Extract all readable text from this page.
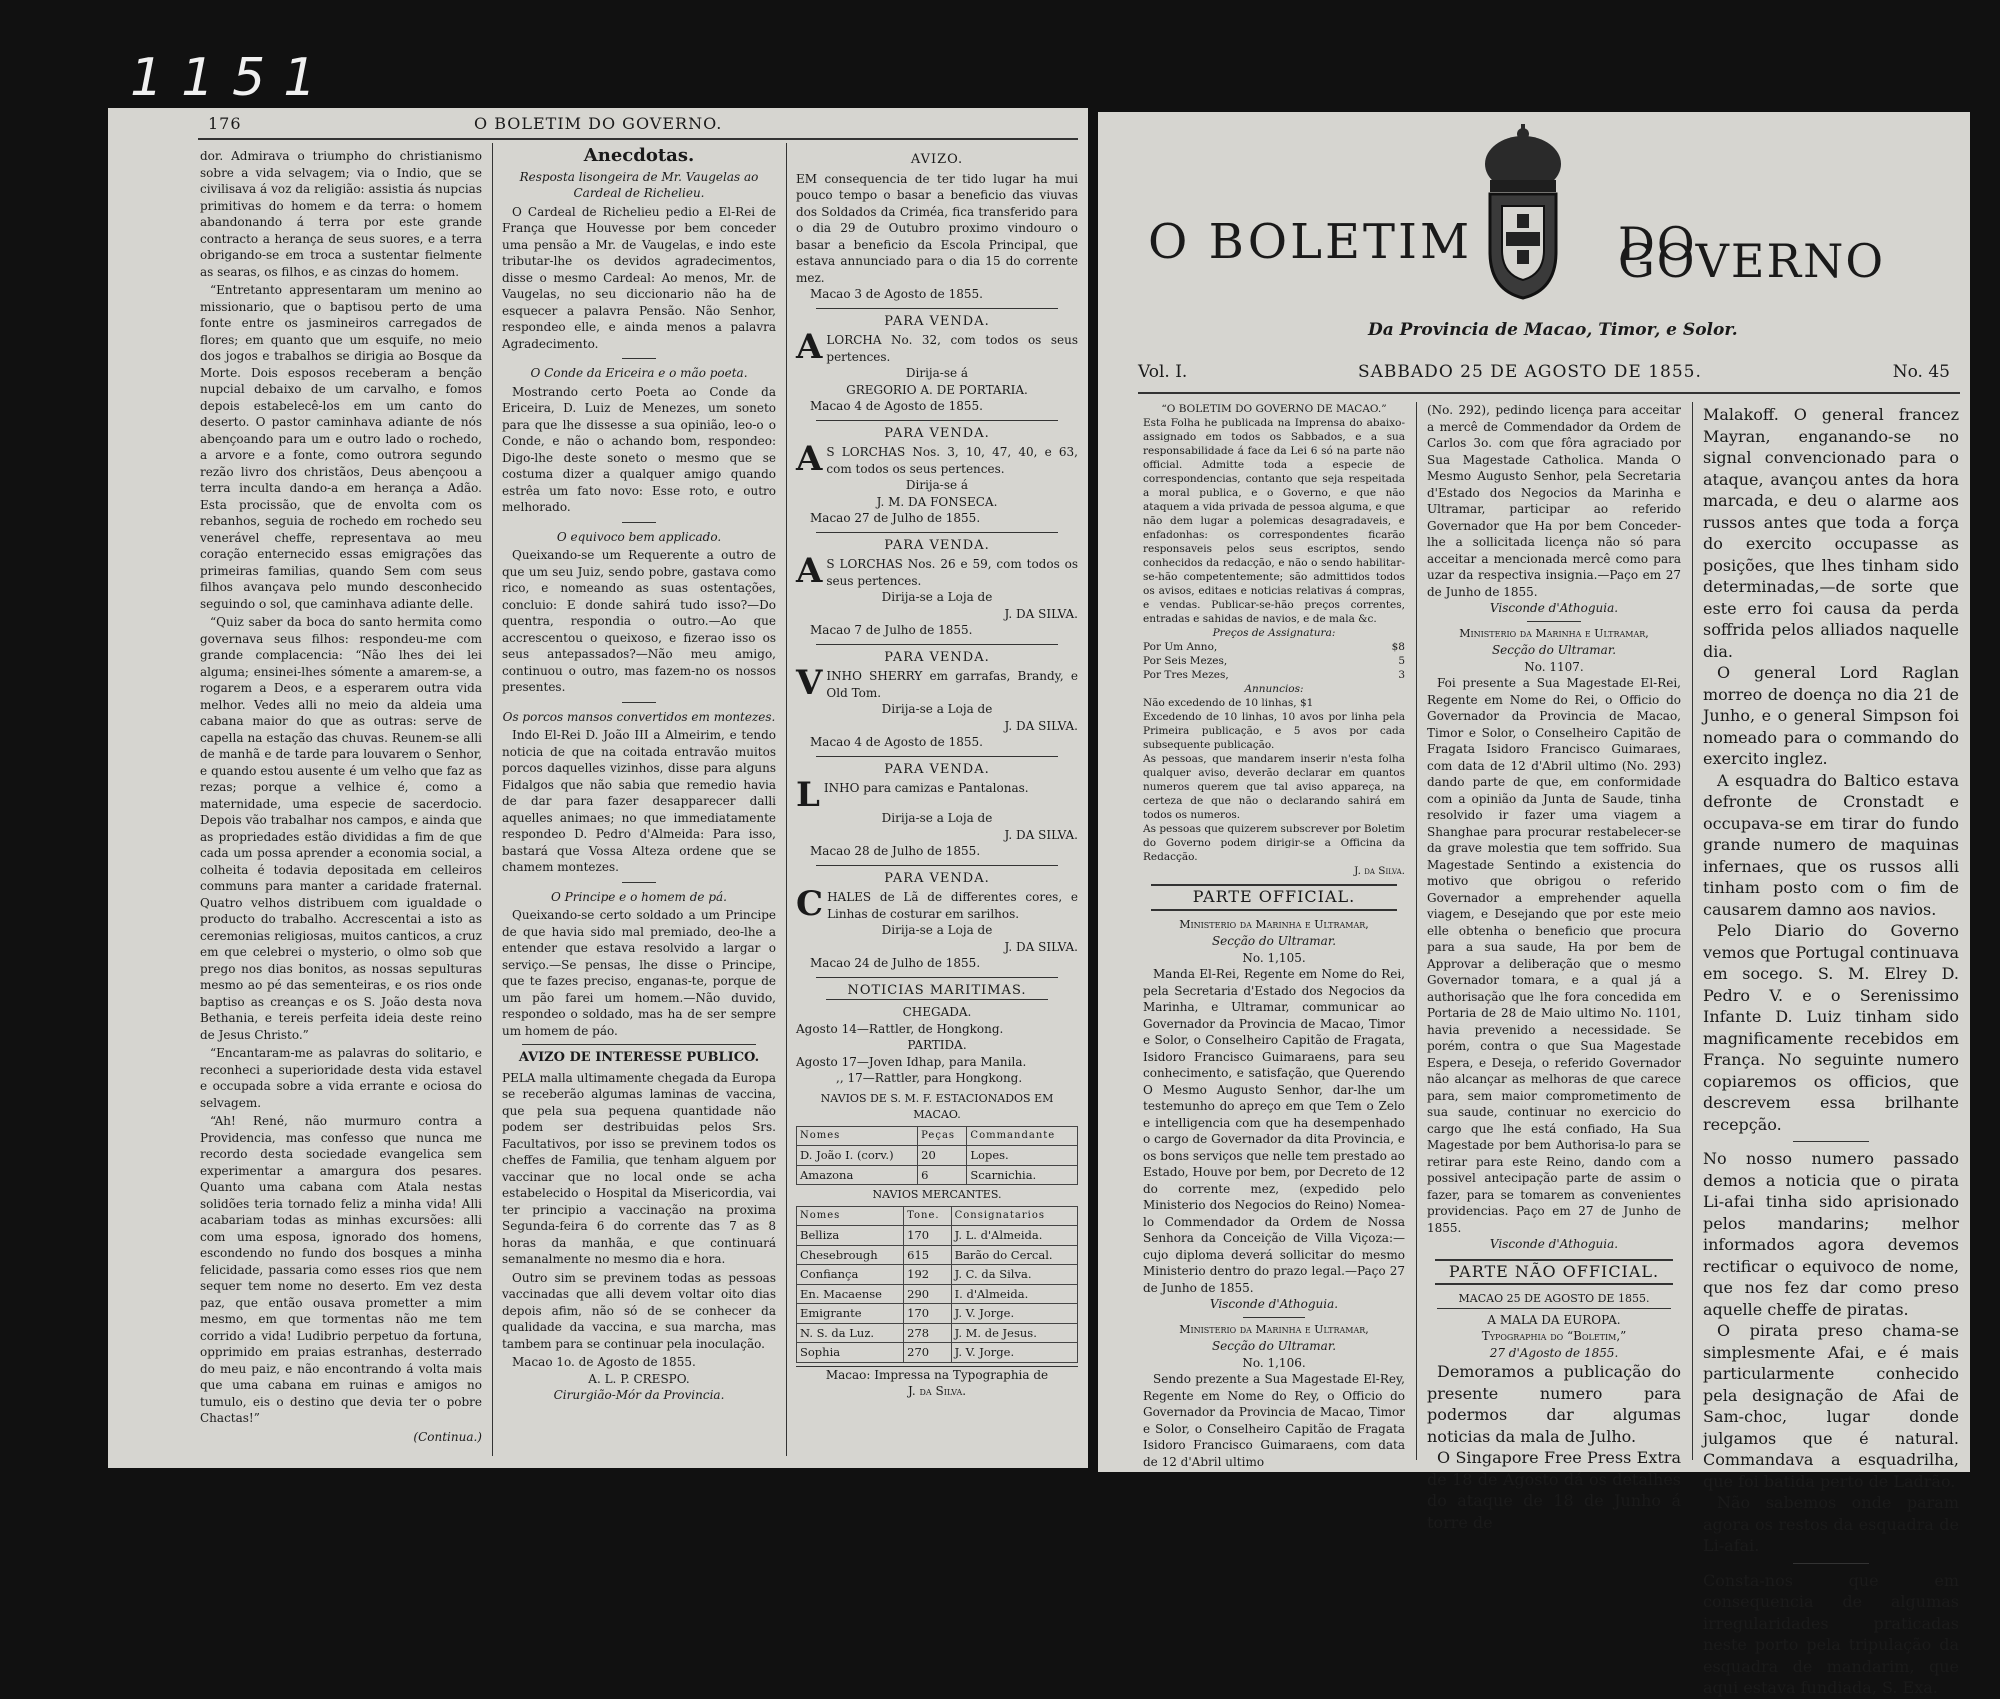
1151
176	O BOLETIM DO GOVERNO.

dor. Admirava o triumpho do christianismo sobre a vida selvagem; via o Indio, que se civilisava á voz da religião: assistia ás nupcias primitivas do homem e da terra: o homem abandonando á terra por este grande contracto a herança de seus suores, e a terra obrigando-se em troca a sustentar fielmente as searas, os filhos, e as cinzas do homem.

“Entretanto appresentaram um menino ao missionario, que o baptisou perto de uma fonte entre os jasmineiros carregados de flores; em quanto que um esquife, no meio dos jogos e trabalhos se dirigia ao Bosque da Morte. Dois esposos receberam a benção nupcial debaixo de um carvalho, e fomos depois estabelecê-los em um canto do deserto. O pastor caminhava adiante de nós abençoando para um e outro lado o rochedo, a arvore e a fonte, como outrora segundo rezão livro dos christãos, Deus abençoou a terra inculta dando-a em herança a Adão. Esta procissão, que de envolta com os rebanhos, seguia de rochedo em rochedo seu venerável cheffe, representava ao meu coração enternecido essas emigrações das primeiras familias, quando Sem com seus filhos avançava pelo mundo desconhecido seguindo o sol, que caminhava adiante delle.

“Quiz saber da boca do santo hermita como governava seus filhos: respondeu-me com grande complacencia: “Não lhes dei lei alguma; ensinei-lhes sómente a amarem-se, a rogarem a Deos, e a esperarem outra vida melhor. Vedes alli no meio da aldeia uma cabana maior do que as outras: serve de capella na estação das chuvas. Reunem-se alli de manhã e de tarde para louvarem o Senhor, e quando estou ausente é um velho que faz as rezas; porque a velhice é, como a maternidade, uma especie de sacerdocio. Depois vão trabalhar nos campos, e ainda que as propriedades estão divididas a fim de que cada um possa aprender a economia social, a colheita é todavia depositada em celleiros communs para manter a caridade fraternal. Quatro velhos distribuem com igualdade o producto do trabalho. Accrescentai a isto as ceremonias religiosas, muitos canticos, a cruz em que celebrei o mysterio, o olmo sob que prego nos dias bonitos, as nossas sepulturas mesmo ao pé das sementeiras, e os rios onde baptiso as creanças e os S. João desta nova Bethania, e tereis perfeita ideia deste reino de Jesus Christo.”

“Encantaram-me as palavras do solitario, e reconheci a superioridade desta vida estavel e occupada sobre a vida errante e ociosa do selvagem.

“Ah! René, não murmuro contra a Providencia, mas confesso que nunca me recordo desta sociedade evangelica sem experimentar a amargura dos pesares. Quanto uma cabana com Atala nestas solidões teria tornado feliz a minha vida! Alli acabariam todas as minhas excursões: alli com uma esposa, ignorado dos homens, escondendo no fundo dos bosques a minha felicidade, passaria como esses rios que nem sequer tem nome no deserto. Em vez desta paz, que então ousava prometter a mim mesmo, em que tormentas não me tem corrido a vida! Ludibrio perpetuo da fortuna, opprimido em praias estranhas, desterrado do meu paiz, e não encontrando á volta mais que uma cabana em ruinas e amigos no tumulo, eis o destino que devia ter o pobre Chactas!”

(Continua.)
Anecdotas.
Resposta lisongeira de Mr. Vaugelas ao Cardeal de Richelieu.

O Cardeal de Richelieu pedio a El-Rei de França que Houvesse por bem conceder uma pensão a Mr. de Vaugelas, e indo este tributar-lhe os devidos agradecimentos, disse o mesmo Cardeal: Ao menos, Mr. de Vaugelas, no seu diccionario não ha de esquecer a palavra Pensão. Não Senhor, respondeo elle, e ainda menos a palavra Agradecimento.

O Conde da Ericeira e o mão poeta.

Mostrando certo Poeta ao Conde da Ericeira, D. Luiz de Menezes, um soneto para que lhe dissesse a sua opinião, leo-o o Conde, e não o achando bom, respondeo: Digo-lhe deste soneto o mesmo que se costuma dizer a qualquer amigo quando estrêa um fato novo: Esse roto, e outro melhorado.

O equivoco bem applicado.

Queixando-se um Requerente a outro de que um seu Juiz, sendo pobre, gastava como rico, e nomeando as suas ostentações, concluio: E donde sahirá tudo isso?—Do quentra, respondia o outro.—Ao que accrescentou o queixoso, e fizerao isso os seus antepassados?—Não meu amigo, continuou o outro, mas fazem-no os nossos presentes.

Os porcos mansos convertidos em montezes.

Indo El-Rei D. João III a Almeirim, e tendo noticia de que na coitada entravão muitos porcos daquelles vizinhos, disse para alguns Fidalgos que não sabia que remedio havia de dar para fazer desapparecer dalli aquelles animaes; no que immediatamente respondeo D. Pedro d'Almeida: Para isso, bastará que Vossa Alteza ordene que se chamem montezes.

O Principe e o homem de pá.

Queixando-se certo soldado a um Principe de que havia sido mal premiado, deo-lhe a entender que estava resolvido a largar o serviço.—Se pensas, lhe disse o Principe, que te fazes preciso, enganas-te, porque de um pão farei um homem.—Não duvido, respondeo o soldado, mas ha de ser sempre um homem de páo.

AVIZO DE INTERESSE PUBLICO.

PELA malla ultimamente chegada da Europa se receberão algumas laminas de vaccina, que pela sua pequena quantidade não podem ser destribuidas pelos Srs. Facultativos, por isso se previnem todos os cheffes de Familia, que tenham alguem por vaccinar que no local onde se acha estabelecido o Hospital da Misericordia, vai ter principio a vaccinação na proxima Segunda-feira 6 do corrente das 7 as 8 horas da manhãa, e que continuará semanalmente no mesmo dia e hora.

Outro sim se previnem todas as pessoas vaccinadas que alli devem voltar oito dias depois afim, não só de se conhecer da qualidade da vaccina, e sua marcha, mas tambem para se continuar pela inoculação.

Macao 1o. de Agosto de 1855.
A. L. P. CRESPO.
Cirurgião-Mór da Provincia.
AVIZO.

EM consequencia de ter tido lugar ha mui pouco tempo o basar a beneficio das viuvas dos Soldados da Criméa, fica transferido para o dia 29 de Outubro proximo vindouro o basar a beneficio da Escola Principal, que estava annunciado para o dia 15 do corrente mez.

Macao 3 de Agosto de 1855.
PARA VENDA.
A LORCHA No. 32, com todos os seus pertences.
Dirija-se á
GREGORIO A. DE PORTARIA.
Macao 4 de Agosto de 1855.
PARA VENDA.
A S LORCHAS Nos. 3, 10, 47, 40, e 63, com todos os seus pertences.
Dirija-se á
J. M. DA FONSECA.
Macao 27 de Julho de 1855.
PARA VENDA.
A S LORCHAS Nos. 26 e 59, com todos os seus pertences.
Dirija-se a Loja de
J. DA SILVA.
Macao 7 de Julho de 1855.
PARA VENDA.
V INHO SHERRY em garrafas, Brandy, e Old Tom.
Dirija-se a Loja de
J. DA SILVA.
Macao 4 de Agosto de 1855.
PARA VENDA.
L INHO para camizas e Pantalonas.
Dirija-se a Loja de
J. DA SILVA.
Macao 28 de Julho de 1855.
PARA VENDA.
C HALES de Lã de differentes cores, e Linhas de costurar em sarilhos.
Dirija-se a Loja de
J. DA SILVA.
Macao 24 de Julho de 1855.
NOTICIAS MARITIMAS.
CHEGADA.
Agosto 14—Rattler, de Hongkong.
PARTIDA.
Agosto 17—Joven Idhap, para Manila.
,, 17—Rattler, para Hongkong.
NAVIOS DE S. M. F. ESTACIONADOS EM MACAO.
Nomes	Peças	Commandante
D. João I. (corv.)	20	Lopes.
Amazona	6	Scarnichia.
NAVIOS MERCANTES.
Nomes	Tone.	Consignatarios
Belliza	170	J. L. d'Almeida.
Chesebrough	615	Barão do Cercal.
Confiança	192	J. C. da Silva.
En. Macaense	290	I. d'Almeida.
Emigrante	170	J. V. Jorge.
N. S. da Luz.	278	J. M. de Jesus.
Sophia	270	J. V. Jorge.
Macao: Impressa na Typographia de
J. da Silva.
O BOLETIM	DO GOVERNO
Da Provincia de Macao, Timor, e Solor.
Vol. I.	SABBADO 25 DE AGOSTO DE 1855.	No. 45
“O BOLETIM DO GOVERNO DE MACAO.”

Esta Folha he publicada na Imprensa do abaixo-assignado em todos os Sabbados, e a sua responsabilidade á face da Lei 6 só na parte não official. Admitte toda a especie de correspondencias, contanto que seja respeitada a moral publica, e o Governo, e que não ataquem a vida privada de pessoa alguma, e que não dem lugar a polemicas desagradaveis, e enfadonhas: os correspondentes ficarão responsaveis pelos seus escriptos, sendo conhecidos da redacção, e não o sendo habilitar-se-hão competentemente; são admittidos todos os avisos, editaes e noticias relativas á compras, e vendas. Publicar-se-hão preços correntes, entradas e sahidas de navios, e de mala &c.

Preços de Assignatura:
Por Um Anno,	$8
Por Seis Mezes,	5
Por Tres Mezes,	3
Annuncios:
Não excedendo de 10 linhas, $1
Excedendo de 10 linhas, 10 avos por linha pela Primeira publicação, e 5 avos por cada subsequente publicação.
As pessoas, que mandarem inserir n'esta folha qualquer aviso, deverão declarar em quantos numeros querem que tal aviso appareça, na certeza de que não o declarando sahirá em todos os numeros.
As pessoas que quizerem subscrever por Boletim do Governo podem dirigir-se a Officina da Redacção.
J. da Silva.
PARTE OFFICIAL.
Ministerio da Marinha e Ultramar,
Secção do Ultramar.
No. 1,105.

Manda El-Rei, Regente em Nome do Rei, pela Secretaria d'Estado dos Negocios da Marinha, e Ultramar, communicar ao Governador da Provincia de Macao, Timor e Solor, o Conselheiro Capitão de Fragata, Isidoro Francisco Guimaraens, para seu conhecimento, e satisfação, que Querendo O Mesmo Augusto Senhor, dar-lhe um testemunho do apreço em que Tem o Zelo e intelligencia com que ha desempenhado o cargo de Governador da dita Provincia, e os bons serviços que nelle tem prestado ao Estado, Houve por bem, por Decreto de 12 do corrente mez, (expedido pelo Ministerio dos Negocios do Reino) Nomea-lo Commendador da Ordem de Nossa Senhora da Conceição de Villa Viçoza:—cujo diploma deverá sollicitar do mesmo Ministerio dentro do prazo legal.—Paço 27 de Junho de 1855.

Visconde d'Athoguia.
Ministerio da Marinha e Ultramar,
Secção do Ultramar.
No. 1,106.

Sendo prezente a Sua Magestade El-Rey, Regente em Nome do Rey, o Officio do Governador da Provincia de Macao, Timor e Solor, o Conselheiro Capitão de Fragata Isidoro Francisco Guimaraens, com data de 12 d'Abril ultimo

(No. 292), pedindo licença para acceitar a mercê de Commendador da Ordem de Carlos 3o. com que fôra agraciado por Sua Magestade Catholica. Manda O Mesmo Augusto Senhor, pela Secretaria d'Estado dos Negocios da Marinha e Ultramar, participar ao referido Governador que Ha por bem Conceder-lhe a sollicitada licença não só para acceitar a mencionada mercê como para uzar da respectiva insignia.—Paço em 27 de Junho de 1855.

Visconde d'Athoguia.
Ministerio da Marinha e Ultramar,
Secção do Ultramar.
No. 1107.

Foi presente a Sua Magestade El-Rei, Regente em Nome do Rei, o Officio do Governador da Provincia de Macao, Timor e Solor, o Conselheiro Capitão de Fragata Isidoro Francisco Guimaraes, com data de 12 d'Abril ultimo (No. 293) dando parte de que, em conformidade com a opinião da Junta de Saude, tinha resolvido ir fazer uma viagem a Shanghae para procurar restabelecer-se da grave molestia que tem soffrido. Sua Magestade Sentindo a existencia do motivo que obrigou o referido Governador a emprehender aquella viagem, e Desejando que por este meio elle obtenha o beneficio que procura para a sua saude, Ha por bem de Approvar a deliberação que o mesmo Governador tomara, e a qual já a authorisação que lhe fora concedida em Portaria de 28 de Maio ultimo No. 1101, havia prevenido a necessidade. Se porém, contra o que Sua Magestade Espera, e Deseja, o referido Governador não alcançar as melhoras de que carece para, sem maior comprometimento de sua saude, continuar no exercicio do cargo que lhe está confiado, Ha Sua Magestade por bem Authorisa-lo para se retirar para este Reino, dando com a possivel antecipação parte de assim o fazer, para se tomarem as convenientes providencias. Paço em 27 de Junho de 1855.

Visconde d'Athoguia.
PARTE NÃO OFFICIAL.
MACAO 25 DE AGOSTO DE 1855.
A MALA DA EUROPA.
Typographia do “Boletim,”
27 d'Agosto de 1855.

Demoramos a publicação do presente numero para podermos dar algumas noticias da mala de Julho.

O Singapore Free Press Extra de 18 de Agosto dá os detalhes do ataque de 18 de Junho á torre de

Malakoff. O general francez Mayran, enganando-se no signal convencionado para o ataque, avançou antes da hora marcada, e deu o alarme aos russos antes que toda a força do exercito occupasse as posições, que lhes tinham sido determinadas,—de sorte que este erro foi causa da perda soffrida pelos alliados naquelle dia.

O general Lord Raglan morreo de doença no dia 21 de Junho, e o general Simpson foi nomeado para o commando do exercito inglez.

A esquadra do Baltico estava defronte de Cronstadt e occupava-se em tirar do fundo grande numero de maquinas infernaes, que os russos alli tinham posto com o fim de causarem damno aos navios.

Pelo Diario do Governo vemos que Portugal continuava em socego. S. M. Elrey D. Pedro V. e o Serenissimo Infante D. Luiz tinham sido magnificamente recebidos em França. No seguinte numero copiaremos os officios, que descrevem essa brilhante recepção.

No nosso numero passado demos a noticia que o pirata Li-afai tinha sido aprisionado pelos mandarins; melhor informados agora devemos rectificar o equivoco de nome, que nos fez dar como preso aquelle cheffe de piratas.

O pirata preso chama-se simplesmente Afai, e é mais particularmente conhecido pela designação de Afai de Sam-choc, lugar donde julgamos que é natural. Commandava a esquadrilha, que foi batida perto de Ladrão.

Não sabemos onde param agora os restos da esquadra de Li-afai.

Consta-nos que em consequencia de algumas irregularidades praticadas neste porto pela tripulação da esquadra de mandarim, que aqui estava fundiada, S. Exa.
